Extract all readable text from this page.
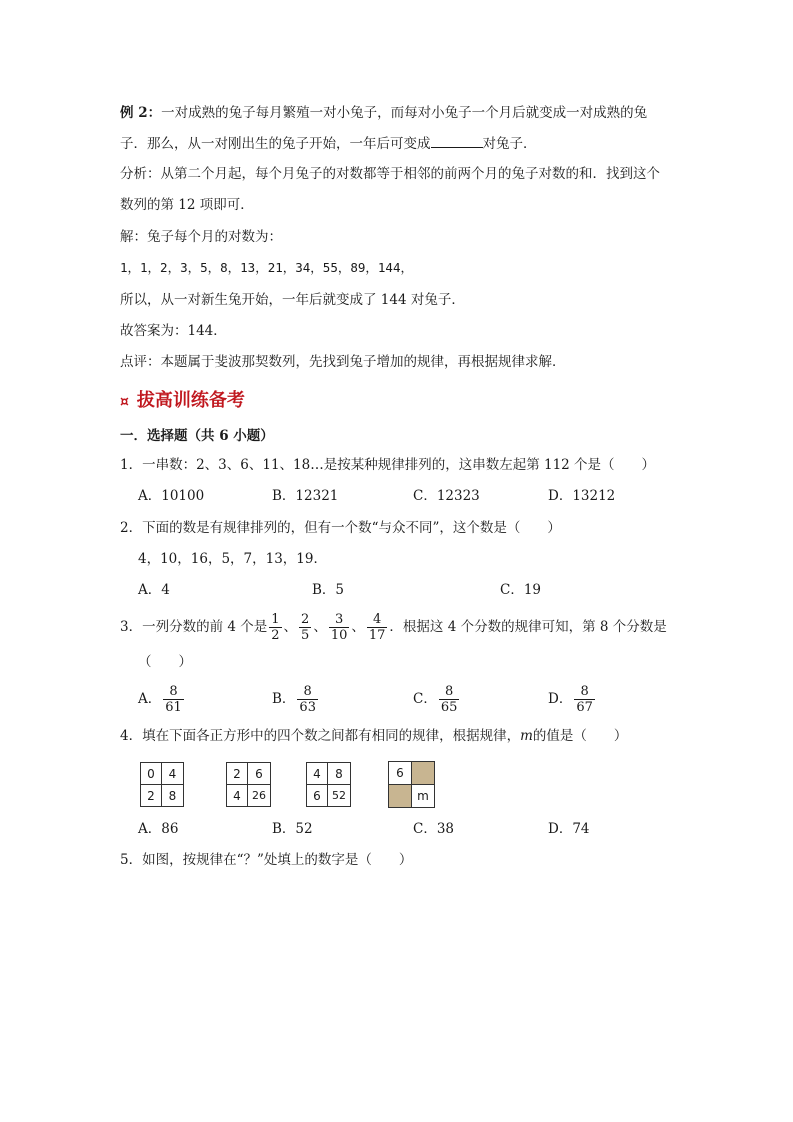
例 2：一对成熟的兔子每月繁殖一对小兔子，而每对小兔子一个月后就变成一对成熟的兔
子．那么，从一对刚出生的兔子开始，一年后可变成	对兔子．
分析：从第二个月起，每个月兔子的对数都等于相邻的前两个月的兔子对数的和．找到这个
数列的第 12 项即可．
解：兔子每个月的对数为：
1，1，2，3，5，8，13，21，34，55，89，144，
所以，从一对新生兔开始，一年后就变成了 144 对兔子．
故答案为：144．
点评：本题属于斐波那契数列，先找到兔子增加的规律，再根据规律求解．
¤ 拔高训练备考
一．选择题（共 6 小题）
1．一串数：2、3、6、11、18…是按某种规律排列的，这串数左起第 112 个是（　　）
A．10100	B．12321	C．12323	D．13212
2．下面的数是有规律排列的，但有一个数“与众不同”，这个数是（　　）
4，10，16，5，7，13，19．
A．4	B．5	C．19
3．一列分数的前 4 个是 $\frac{1}{2}$ 、 $\frac{2}{5}$ 、 $\frac{3}{10}$ 、 $\frac{4}{17}$ ．根据这 4 个分数的规律可知，第 8 个分数是
（　　）
A． $\frac{8}{61}$	B． $\frac{8}{63}$	C． $\frac{8}{65}$	D． $\frac{8}{67}$
4．填在下面各正方形中的四个数之间都有相同的规律，根据规律，m的值是（　　）
0	4
2	8
2	6
4	26
4	8
6	52
6
m
A．86	B．52	C．38	D．74
5．如图，按规律在“？”处填上的数字是（　　）
